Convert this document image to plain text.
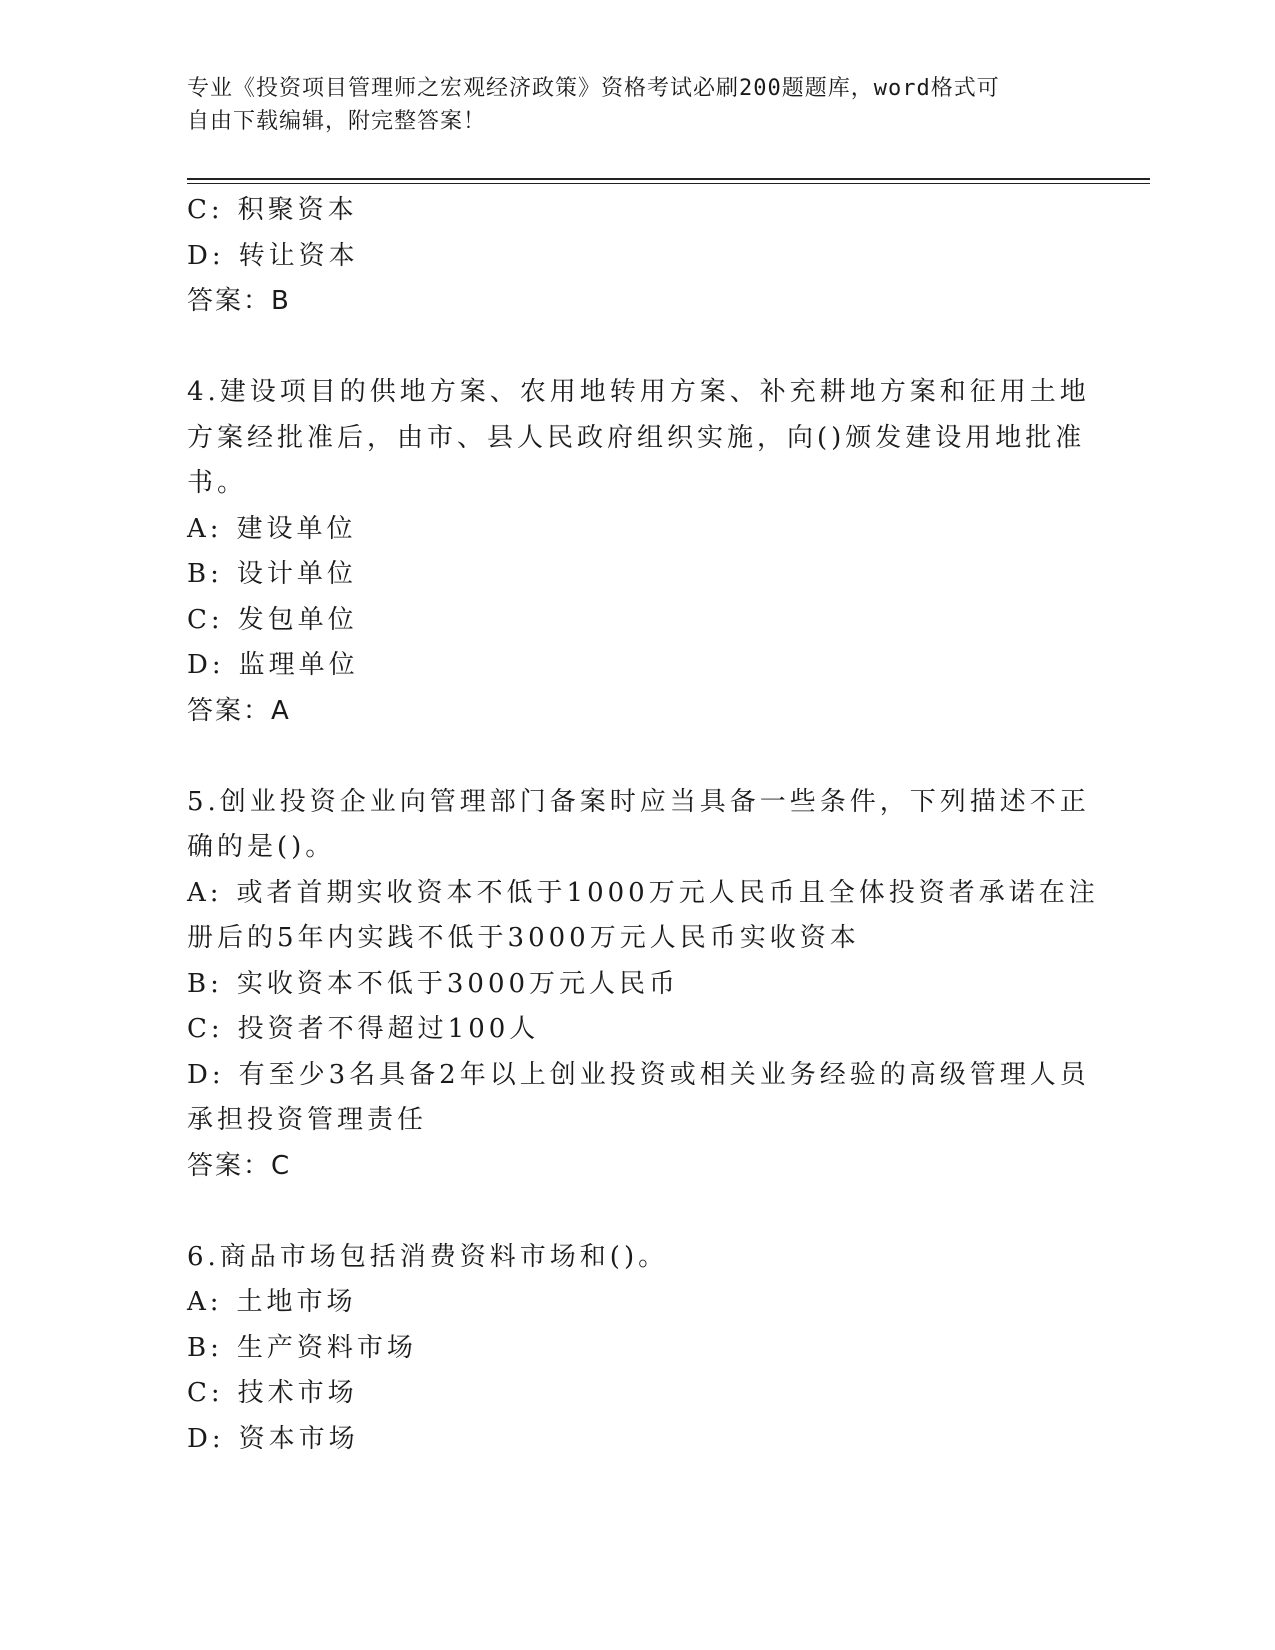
专业《投资项目管理师之宏观经济政策》资格考试必刷200题题库，word格式可
自由下载编辑，附完整答案！
C: 积聚资本
D: 转让资本
答案：B
4.建设项目的供地方案、农用地转用方案、补充耕地方案和征用土地
方案经批准后，由市、县人民政府组织实施，向()颁发建设用地批准
书。
A: 建设单位
B: 设计单位
C: 发包单位
D: 监理单位
答案：A
5.创业投资企业向管理部门备案时应当具备一些条件，下列描述不正
确的是()。
A: 或者首期实收资本不低于1000万元人民币且全体投资者承诺在注
册后的5年内实践不低于3000万元人民币实收资本
B: 实收资本不低于3000万元人民币
C: 投资者不得超过100人
D: 有至少3名具备2年以上创业投资或相关业务经验的高级管理人员
承担投资管理责任
答案：C
6.商品市场包括消费资料市场和()。
A: 土地市场
B: 生产资料市场
C: 技术市场
D: 资本市场
